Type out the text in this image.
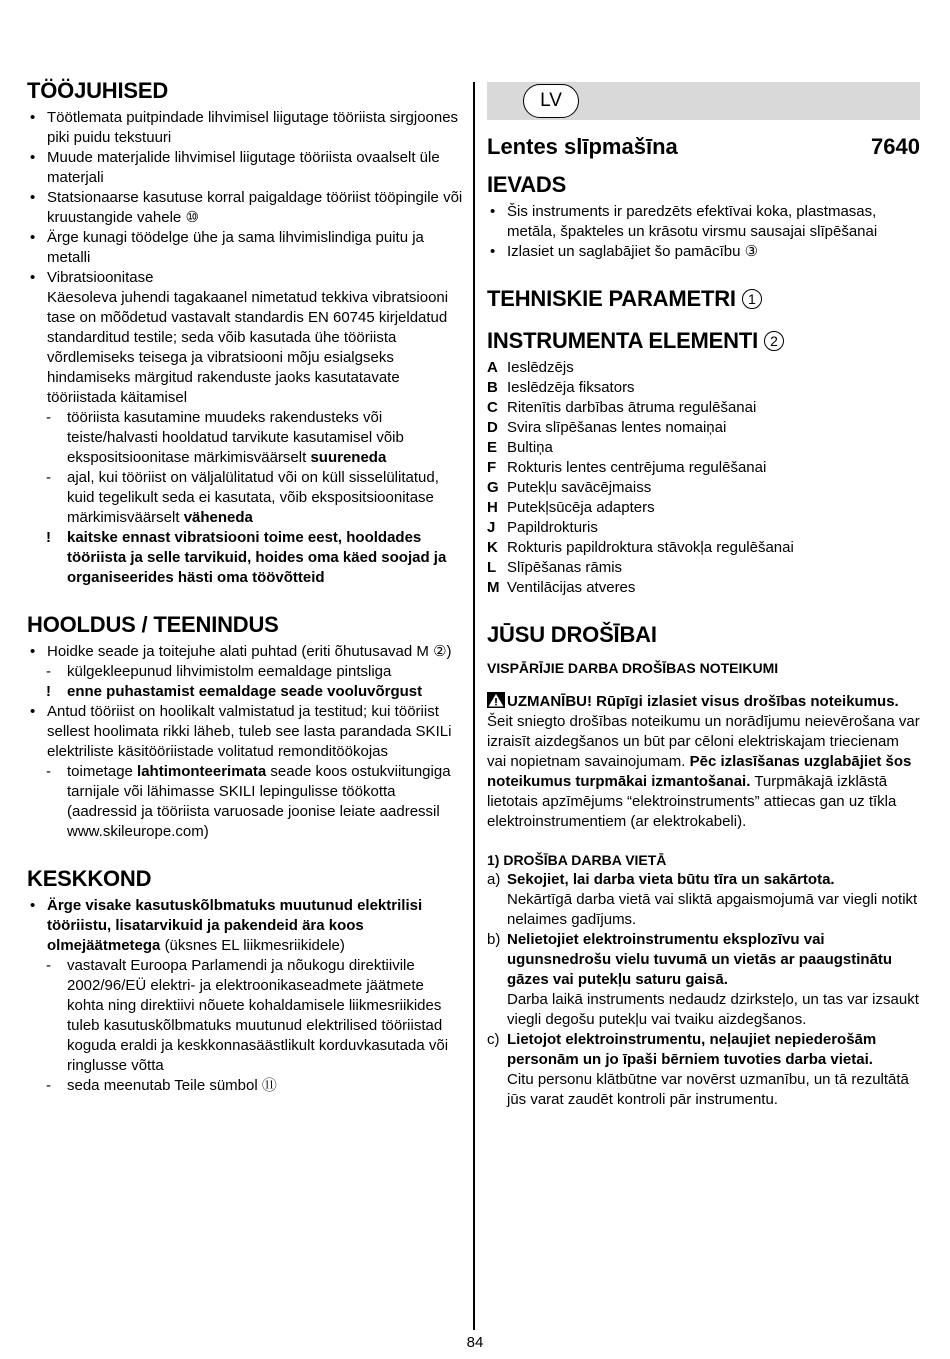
TÖÖJUHISED
• Töötlemata puitpindade lihvimisel liigutage tööriista sirgjoones piki puidu tekstuuri
• Muude materjalide lihvimisel liigutage tööriista ovaalselt üle materjali
• Statsionaarse kasutuse korral paigaldage tööriist tööpingile või kruustangide vahele ⑩
• Ärge kunagi töödelge ühe ja sama lihvimislindiga puitu ja metalli
• Vibratsioonitase
Käesoleva juhendi tagakaanel nimetatud tekkiva vibratsiooni tase on mõõdetud vastavalt standardis EN 60745 kirjeldatud standarditud testile; seda võib kasutada ühe tööriista võrdlemiseks teisega ja vibratsiooni mõju esialgseks hindamiseks märgitud rakenduste jaoks kasutatavate tööriistada käitamisel
- tööriista kasutamine muudeks rakendusteks või teiste/halvasti hooldatud tarvikute kasutamisel võib ekspositsioonitase märkimisväärselt suureneda
- ajal, kui tööriist on väljalülitatud või on küll sisselülitatud, kuid tegelikult seda ei kasutata, võib ekspositsioonitase märkimisväärselt väheneda
! kaitske ennast vibratsiooni toime eest, hooldades tööriista ja selle tarvikuid, hoides oma käed soojad ja organiseerides hästi oma töövõtteid
HOOLDUS / TEENINDUS
• Hoidke seade ja toitejuhe alati puhtad (eriti õhutusavad M ②)
- külgekleepunud lihvimistolm eemaldage pintsliga
! enne puhastamist eemaldage seade vooluvõrgust
• Antud tööriist on hoolikalt valmistatud ja testitud; kui tööriist sellest hoolimata rikki läheb, tuleb see lasta parandada SKILi elektriliste käsitööriistade volitatud remonditöökojas
- toimetage lahtimonteerimata seade koos ostukviitungiga tarnijale või lähimasse SKILI lepingulisse töökotta (aadressid ja tööriista varuosade joonise leiate aadressil www.skileurope.com)
KESKKOND
• Ärge visake kasutuskõlbmatuks muutunud elektrilisi tööriistu, lisatarvikuid ja pakendeid ära koos olmejäätmetega (üksnes EL liikmesriikidele)
- vastavalt Euroopa Parlamendi ja nõukogu direktiivile 2002/96/EÜ elektri- ja elektroonikaseadmete jäätmete kohta ning direktiivi nõuete kohaldamisele liikmesriikides tuleb kasutuskõlbmatuks muutunud elektrilised tööriistad koguda eraldi ja keskkonnasäästlikult korduvkasutada või ringlusse võtta
- seda meenutab Teile sümbol ⑪
LV
Lentes slīpmašīna	7640
IEVADS
• Šis instruments ir paredzēts efektīvai koka, plastmasas, metāla, špakteles un krāsotu virsmu sausajai slīpēšanai
• Izlasiet un saglabājiet šo pamācību ③
TEHNISKIE PARAMETRI 1
INSTRUMENTA ELEMENTI 2
A Ieslēdzējs
B Ieslēdzēja fiksators
C Ritenītis darbības ātruma regulēšanai
D Svira slīpēšanas lentes nomaiņai
E Bultiņa
F Rokturis lentes centrējuma regulēšanai
G Putekļu savācējmaiss
H Putekļsūcēja adapters
J Papildrokturis
K Rokturis papildroktura stāvokļa regulēšanai
L Slīpēšanas rāmis
M Ventilācijas atveres
JŪSU DROŠĪBAI
VISPĀRĪJIE DARBA DROŠĪBAS NOTEIKUMI

UZMANĪBU! Rūpīgi izlasiet visus drošības noteikumus. Šeit sniegto drošības noteikumu un norādījumu neievērošana var izraisīt aizdegšanos un būt par cēloni elektriskajam triecienam vai nopietnam savainojumam. Pēc izlasīšanas uzglabājiet šos noteikumus turpmākai izmantošanai. Turpmākajā izklāstā lietotais apzīmējums “elektroinstruments” attiecas gan uz tīkla elektroinstrumentiem (ar elektrokabeli).

1) DROŠĪBA DARBA VIETĀ
a) Sekojiet, lai darba vieta būtu tīra un sakārtota.
Nekārtīgā darba vietā vai sliktā apgaismojumā var viegli notikt nelaimes gadījums.
b) Nelietojiet elektroinstrumentu eksplozīvu vai ugunsnedrošu vielu tuvumā un vietās ar paaugstinātu gāzes vai putekļu saturu gaisā.
Darba laikā instruments nedaudz dzirksteļo, un tas var izsaukt viegli degošu putekļu vai tvaiku aizdegšanos.
c) Lietojot elektroinstrumentu, neļaujiet nepiederošām personām un jo īpaši bērniem tuvoties darba vietai.
Citu personu klātbūtne var novērst uzmanību, un tā rezultātā jūs varat zaudēt kontroli pār instrumentu.
84
